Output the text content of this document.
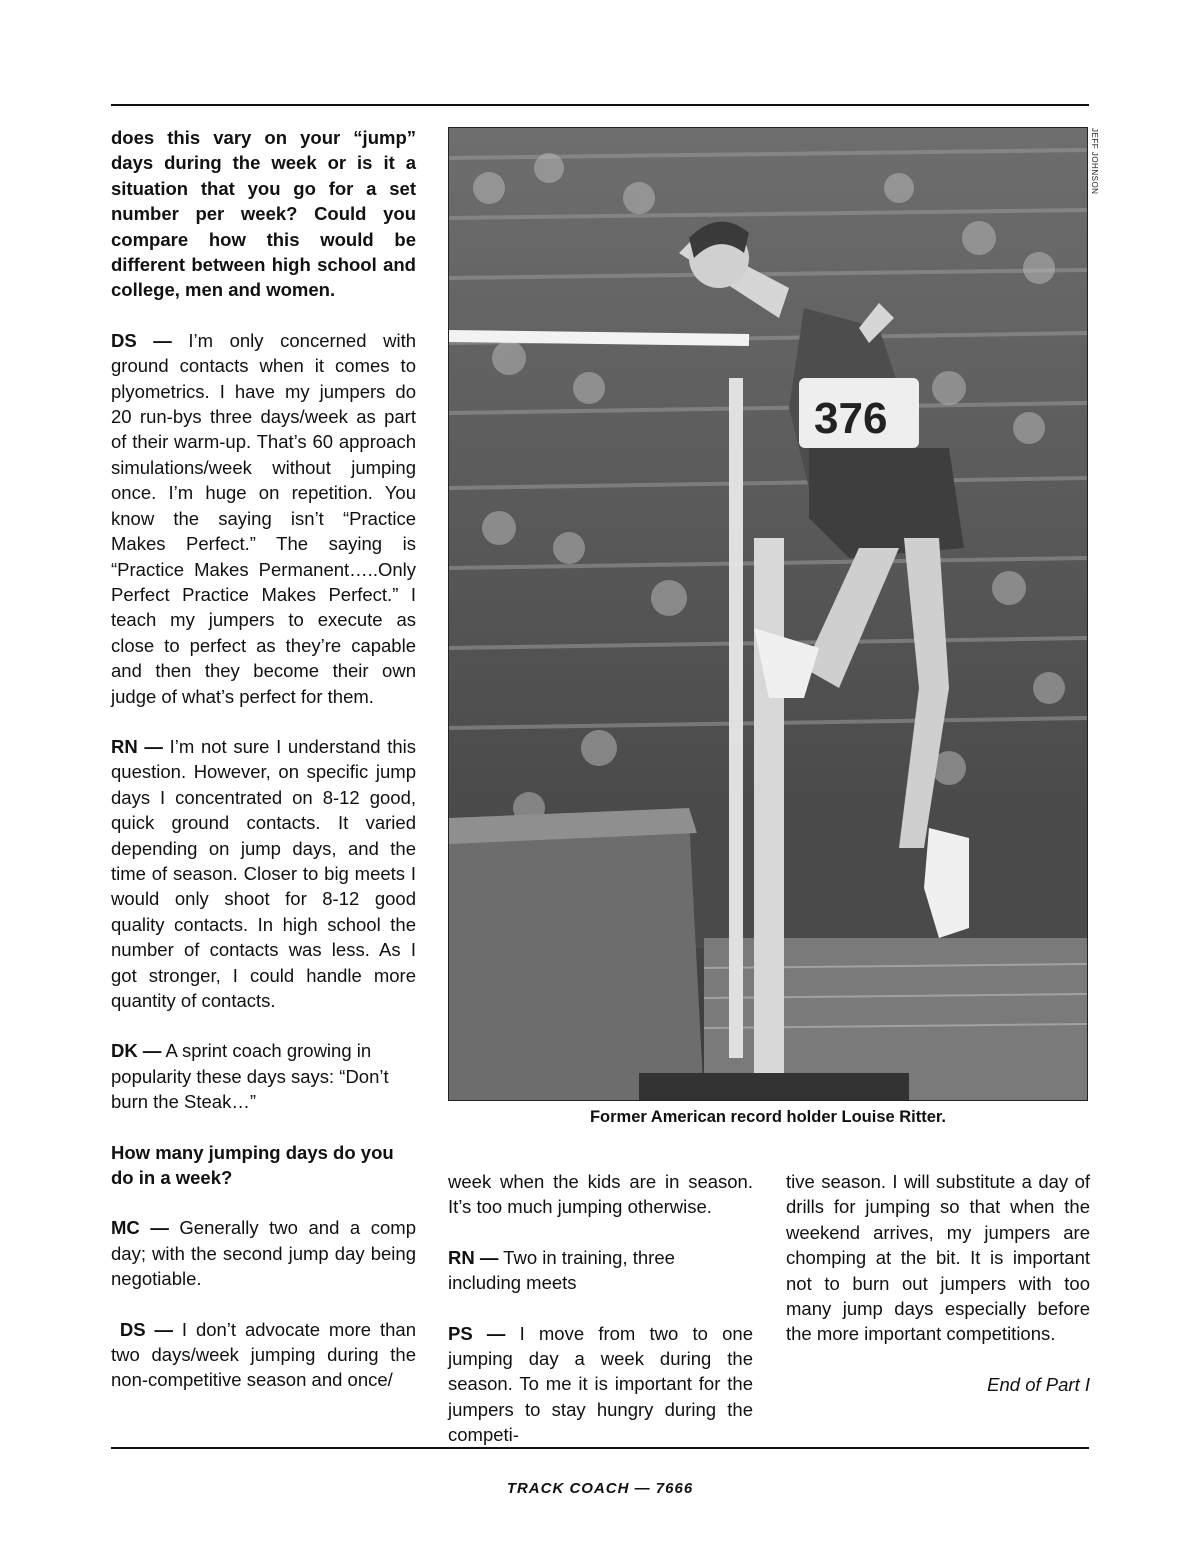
does this vary on your “jump” days during the week or is it a situation that you go for a set number per week? Could you compare how this would be different between high school and college, men and women.

DS — I’m only concerned with ground contacts when it comes to plyometrics. I have my jumpers do 20 run-bys three days/week as part of their warm-up. That’s 60 approach simulations/week without jumping once. I’m huge on repetition. You know the saying isn’t “Practice Makes Perfect.” The saying is “Practice Makes Permanent…..Only Perfect Practice Makes Perfect.” I teach my jumpers to execute as close to perfect as they’re capable and then they become their own judge of what’s perfect for them.

RN — I’m not sure I understand this question. However, on specific jump days I concentrated on 8-12 good, quick ground contacts. It varied depending on jump days, and the time of season. Closer to big meets I would only shoot for 8-12 good quality contacts. In high school the number of contacts was less. As I got stronger, I could handle more quantity of contacts.

DK — A sprint coach growing in popularity these days says: “Don’t burn the Steak…”

How many jumping days do you do in a week?

MC — Generally two and a comp day; with the second jump day being negotiable.

DS — I don’t advocate more than two days/week jumping during the non-competitive season and once/

376
JEFF JOHNSON
Former American record holder Louise Ritter.

week when the kids are in season. It’s too much jumping otherwise.

RN — Two in training, three including meets

PS — I move from two to one jumping day a week during the season. To me it is important for the jumpers to stay hungry during the competi-

tive season. I will substitute a day of drills for jumping so that when the weekend arrives, my jumpers are chomping at the bit. It is important not to burn out jumpers with too many jump days especially before the more important competitions.

End of Part I

TRACK COACH — 7666
